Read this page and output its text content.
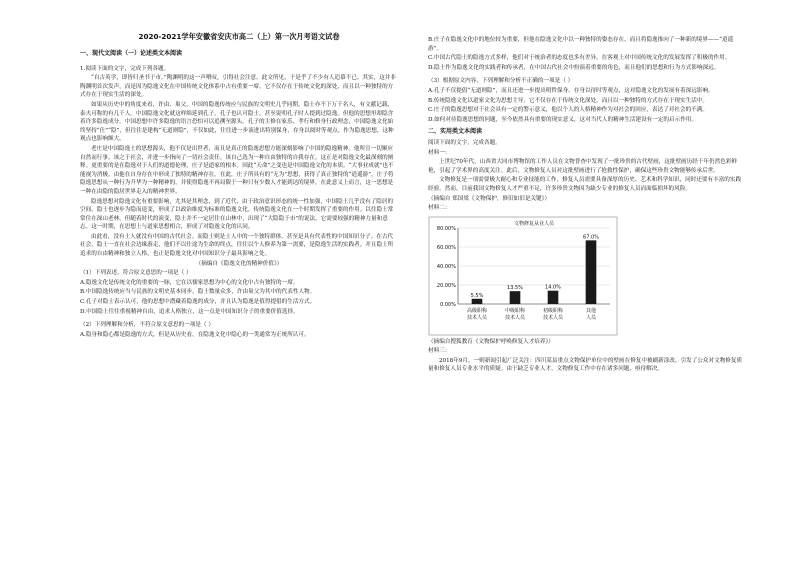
2020-2021学年安徽省安庆市高二（上）第一次月考语文试卷
一、现代文阅读（一）论述类文本阅读

1.阅读下面的文字，完成下列各题。

“自古英学，即皆归圣书于市。”陶渊明的这一声喟叹，引得社会注意。此文所见，于是乎了不少有人追慕不已。其实，这并非陶渊明首次发声，而是因为隐逸文化在中国传统文化体系中占有重要一席。它不仅存在于传统文化的深处，而且以一种独特的方式存在于现实生活的深处。

如果从历史中的角度来看，许由、巢父，中国的隐逸传统应与民族的文明史几乎同期。隐士亦不下万千名人，有文献记载，泰夫可称的有几千人。中国隐逸文化就这样绵延到孔子。孔子也认可隐士，甚至说明孔子时人提到过隐逸。但他的思想里却隐含着许多隐逸成分。中国思想中许多隐逸的语言恐怕可以追溯至源头。孔子的主修在家乐、孝行和修身行政理念，中国隐逸文化始终坚持“仕”“隐”，但往往是建构“无道则隐”，不仅如此，往往进一步演进出特别保身、存身以阅时等观点。作为隐逸思想，这种观点也影响颇大。

老庄是中国隐逸士的思想源头，他不仅是出世者，而且是真正的隐逸思想方能深刻影响了中国的隐逸精神。他所宣一切顺应自然而行事。该之于社会，并进一步指向了一切社会责任。该自己选为一种自由独特的自我存在。这正是对隐逸文化最深刻的阐释。更重要的是在隐逸对于人们的道德伦理，庄子是道家的根本。因此“天命”之变也是中国隐逸文化的本质。“大事业成就”也不能视为消极。由他在自身存在中形成了独特的精神存在。在此，庄子所具有的“无为”思想，获得了真正独特的“逍遥游”。庄子将隐逸思想从一种行为升华为一种精神的，并使得隐逸不再局限于一种只有少数人才能到达的境界，在此意义上而言，这一思想是一种在由隐的隐居世界走入的精神世界。

隐逸思想对隐逸文化有重要影响，尤其是其理念，到了近代，由于政治意识形态的统一性加强，中国隐士几乎没有了隐居的空间。隐士也逐步为隐而退变，形成了以政治维度为标准的隐逸文化。传统隐逸文化在一个时期发挥了重要的作用。以往隐士常常住在深山老林，但随着时代的演变，隐士并不一定居住在山林中，出现了“大隐隐于市”的说法。它需要较强的精神力量和意志。这一时期，在思想上与道家思想相合，形成了对隐逸文化的认同。

由此看，没有士人就没有中国的古代社会。而隐士则是士人中的一个独特群体。甚至是具有代表性的中国知识分子。在古代社会，隐士一直在社会边缘游走，他们不以仕途为生命的终点，往往以个人修养为第一需要，是隐逸生活的实践者。并且隐士所追求的自由精神和独立人格，也正是隐逸文化对中国知识分子最具影响之处。

（摘编自《隐逸文化的精神价值》）

（1）下列表述，符合原文意思的一项是（ ）

A.隐逸文化是传统文化的重要的一脉，它在以儒家思想为中心的文化中占有独特的一席。

B.中国隐逸传统应当与民族的文明史基本同步，隐士数量众多，许由巢父为其中的代表性人物。

C.孔子对隐士表示认可，他的思想中潜藏着隐逸的成分，并且认为隐逸是值得提倡的生活方式。

D.中国隐士往往重视精神自由，追求人格独立，这一点是中国知识分子的重要价值选择。

（2）下列理解和分析，不符合原文意思的一项是（ ）

A.隐身和隐心都是隐逸的方式，但是从历史看，在隐逸文化中隐心的一类通常为正统所认可。

B.庄子在隐逸文化中的地位较为重要，但他在隐逸文化中以一种独特的姿态存在，而且将隐逸推向了一种新的境界——“逍遥游”。

C.中国古代隐士的隐逸方式多样，他们对于统治者的态度也多有差异，在客观上对中国传统文化的发展发挥了积极的作用。

D.隐士作为隐逸文化的实践者和传承者，在中国古代社会中扮演着重要的角色，而且他们的思想和行为方式影响深远。

（3）根据原文内容，下列理解和分析不正确的一项是（ ）

A.孔子不仅提倡“无道则隐”，而且还进一步提出明哲保身、存身以待时等观点，这对隐逸文化的发展有着深远影响。

B.传统隐逸文化以道家文化为思想主导，它不仅存在于传统文化深处，而且以一种独特的方式存在于现实生活中。

C.庄子的隐逸思想对于社会具有一定的警示意义，他以个人的人格精神作为对社会的回应，表达了对社会的不满。

D.如何对待隐逸思想的问题，至今依然具有重要的现实意义，这对当代人的精神生活建设有一定的启示作用。

二、实用类文本阅读

阅读下面的文字，完成各题。

材料一：

上世纪70年代，山西省大同市博物馆的工作人员在文物普查中发现了一批珍贵的古代壁画，这批壁画历经千年仍然色彩鲜艳，引起了学术界的高度关注。此后，文物修复人员对这批壁画进行了抢救性保护，确保这些珍贵文物能够传承后世。

文物修复是一项需要极大耐心和专业技能的工作，修复人员需要具备深厚的历史、艺术和科学知识，同时还要有丰富的实践经验。然而，目前我国文物修复人才严重不足，许多珍贵文物因为缺少专业的修复人员而面临损坏的风险。

（摘编自 郑国梁《文物保护，修旧如旧是关键》）

材料二：

文物修复从业人员
0.00%
20.00%
40.00%
60.00%
80.00%
5.5%
高级职称
技术人员
13.5%
中级职称
技术人员
14.0%
初级职称
技术人员
67.0%
其他
人员

（摘编自搜狐教育《文物保护呼唤修复人才培养》）

材料三：

2018年9月，一则新闻引起广泛关注：四川某县重点文物保护单位中的壁画在修复中被刷新涂改，引发了公众对文物修复质量和修复人员专业水平的质疑。由于缺乏专业人才，文物修复工作中存在诸多问题，亟待解决。
